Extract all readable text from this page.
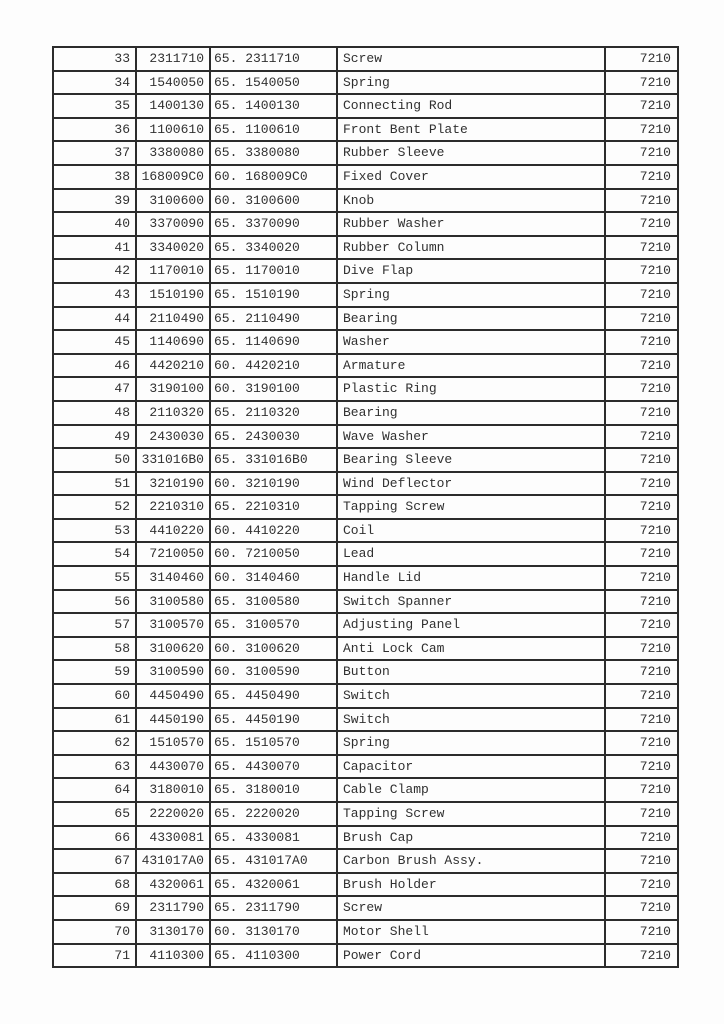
33	2311710	65. 2311710	Screw	7210
34	1540050	65. 1540050	Spring	7210
35	1400130	65. 1400130	Connecting Rod	7210
36	1100610	65. 1100610	Front Bent Plate	7210
37	3380080	65. 3380080	Rubber Sleeve	7210
38	168009C0	60. 168009C0	Fixed Cover	7210
39	3100600	60. 3100600	Knob	7210
40	3370090	65. 3370090	Rubber Washer	7210
41	3340020	65. 3340020	Rubber Column	7210
42	1170010	65. 1170010	Dive Flap	7210
43	1510190	65. 1510190	Spring	7210
44	2110490	65. 2110490	Bearing	7210
45	1140690	65. 1140690	Washer	7210
46	4420210	60. 4420210	Armature	7210
47	3190100	60. 3190100	Plastic Ring	7210
48	2110320	65. 2110320	Bearing	7210
49	2430030	65. 2430030	Wave Washer	7210
50	331016B0	65. 331016B0	Bearing Sleeve	7210
51	3210190	60. 3210190	Wind Deflector	7210
52	2210310	65. 2210310	Tapping Screw	7210
53	4410220	60. 4410220	Coil	7210
54	7210050	60. 7210050	Lead	7210
55	3140460	60. 3140460	Handle Lid	7210
56	3100580	65. 3100580	Switch Spanner	7210
57	3100570	65. 3100570	Adjusting Panel	7210
58	3100620	60. 3100620	Anti Lock Cam	7210
59	3100590	60. 3100590	Button	7210
60	4450490	65. 4450490	Switch	7210
61	4450190	65. 4450190	Switch	7210
62	1510570	65. 1510570	Spring	7210
63	4430070	65. 4430070	Capacitor	7210
64	3180010	65. 3180010	Cable Clamp	7210
65	2220020	65. 2220020	Tapping Screw	7210
66	4330081	65. 4330081	Brush Cap	7210
67	431017A0	65. 431017A0	Carbon Brush Assy.	7210
68	4320061	65. 4320061	Brush Holder	7210
69	2311790	65. 2311790	Screw	7210
70	3130170	60. 3130170	Motor Shell	7210
71	4110300	65. 4110300	Power Cord	7210
